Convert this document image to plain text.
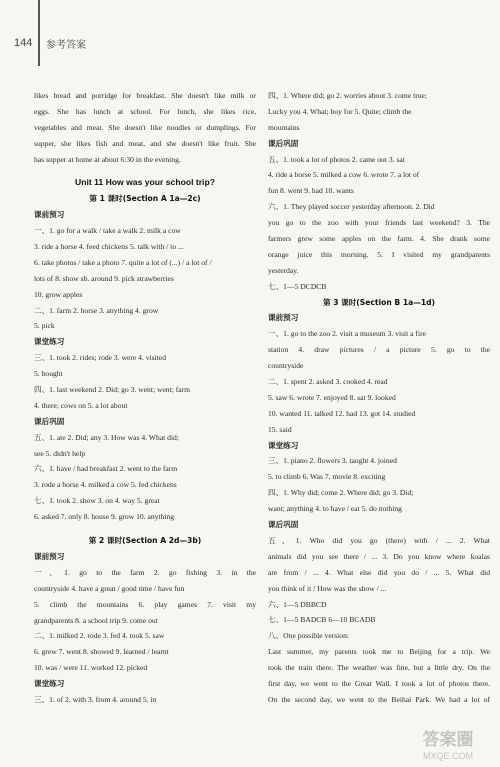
144 参考答案
likes bread and porridge for breakfast. She doesn't like milk or
eggs. She has lunch at school. For lunch, she likes rice,
vegetables and meat. She doesn't like noodles or dumplings. For
supper, she likes fish and meat, and she doesn't like fruit. She
has supper at home at about 6:30 in the evening.
Unit 11 How was your school trip?
第 1 课时(Section A 1a—2c)
课前预习
一、1. go for a walk / take a walk 2. milk a cow
3. ride a horse 4. feed chickens 5. talk with / to ...
6. take photos / take a photo 7. quite a lot of (...) / a lot of /
lots of 8. show sb. around 9. pick strawberries
10. grow apples
二、1. farm 2. horse 3. anything 4. grow
5. pick
课堂练习
三、1. took 2. rides; rode 3. were 4. visited
5. bought
四、1. last weekend 2. Did; go 3. went; went; farm
4. there; cows on 5. a lot about
课后巩固
五、1. ate 2. Did; any 3. How was 4. What did;
see 5. didn't help
六、1. have / had breakfast 2. went to the farm
3. rode a horse 4. milked a cow 5. fed chickens
七、1. took 2. show 3. on 4. way 5. great
6. asked 7. only 8. house 9. grow 10. anything
第 2 课时(Section A 2d—3b)
课前预习
一、1. go to the farm 2. go fishing 3. in the
countryside 4. have a great / good time / have fun
5. climb the mountains 6. play games 7. visit my
grandparents 8. a school trip 9. come out
二、1. milked 2. rode 3. fed 4. took 5. saw
6. grew 7. went 8. showed 9. learned / learnt
10. was / were 11. worked 12. picked
课堂练习
三、1. of 2. with 3. from 4. around 5. in
四、1. Where did; go 2. worries about 3. come true;
Lucky you 4. What; buy for 5. Quite; climb the
mountains
课后巩固
五、1. took a lot of photos 2. came out 3. sat
4. ride a horse 5. milked a cow 6. wrote 7. a lot of
fun 8. went 9. had 10. wants
六、1. They played soccer yesterday afternoon. 2. Did
you go to the zoo with your friends last weekend? 3. The
farmers grew some apples on the farm. 4. She drank some
orange juice this morning. 5. I visited my grandparents
yesterday.
七、1—5 DCDCB
第 3 课时(Section B 1a—1d)
课前预习
一、1. go to the zoo 2. visit a museum 3. visit a fire
station 4. draw pictures / a picture 5. go to the
countryside
二、1. spent 2. asked 3. cooked 4. read
5. saw 6. wrote 7. enjoyed 8. sat 9. looked
10. wanted 11. talked 12. had 13. got 14. studied
15. said
课堂练习
三、1. piano 2. flowers 3. taught 4. joined
5. to climb 6. Was 7. movie 8. exciting
四、1. Why did; come 2. Where did; go 3. Did;
want; anything 4. to have / eat 5. do nothing
课后巩固
五、1. Who did you go (there) with / ... 2. What
animals did you see there / ... 3. Do you know where koalas
are from / ... 4. What else did you do / ... 5. What did
you think of it / How was the show / ...
六、1—5 DBBCD
七、1—5 BADCB 6—10 BCADB
八、One possible version:
Last summer, my parents took me to Beijing for a trip. We
took the train there. The weather was fine, but a little dry. On the
first day, we went to the Great Wall. I took a lot of photos there.
On the second day, we went to the Beihai Park. We had a lot of
答案圈
MXQE.COM
